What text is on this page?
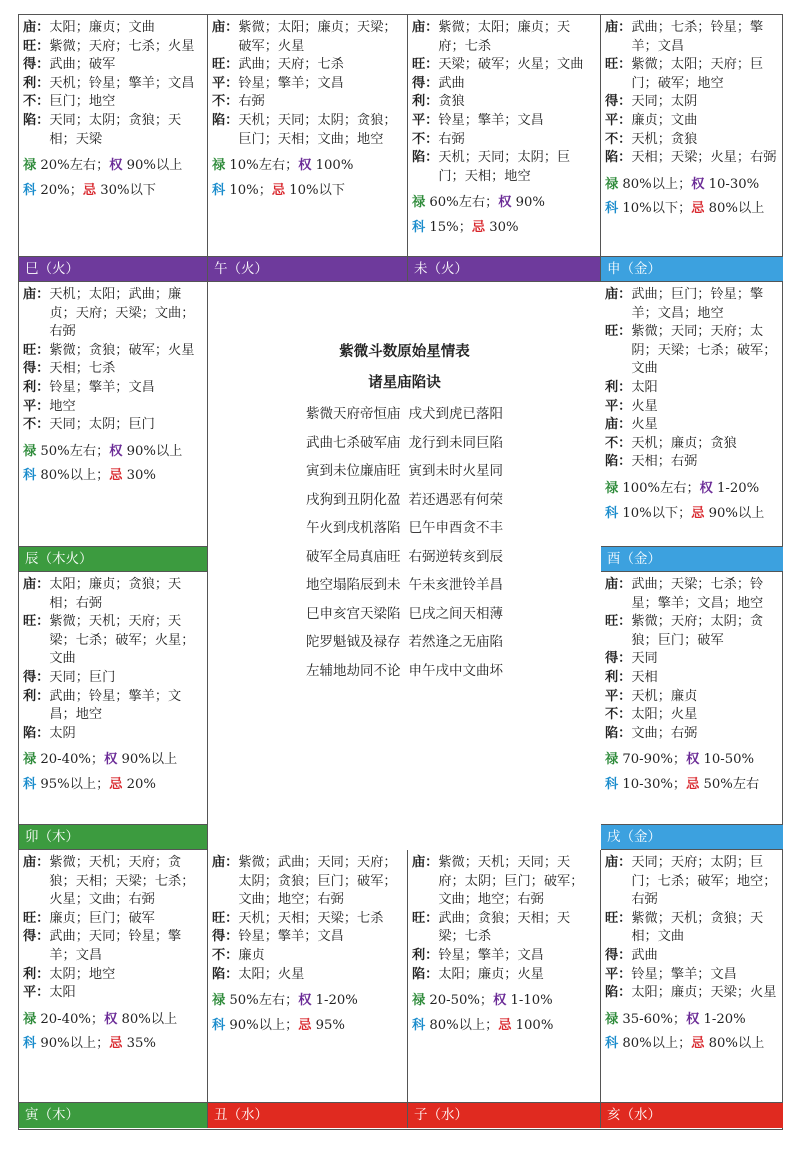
庙： 太阳；廉贞；文曲
旺： 紫微；天府；七杀；火星
得： 武曲；破军
利： 天机；铃星；擎羊；文昌
不： 巨门；地空
陷： 天同；太阴；贪狼；天相；天梁
禄 20%左右；权 90%以上
科 20%；忌 30%以下
庙： 紫微；太阳；廉贞；天梁；破军；火星
旺： 武曲；天府；七杀
平： 铃星；擎羊；文昌
不： 右弼
陷： 天机；天同；太阴；贪狼；巨门；天相；文曲；地空
禄 10%左右；权 100%
科 10%；忌 10%以下
庙： 紫微；太阳；廉贞；天府；七杀
旺： 天梁；破军；火星；文曲
得： 武曲
利： 贪狼
平： 铃星；擎羊；文昌
不： 右弼
陷： 天机；天同；太阴；巨门；天相；地空
禄 60%左右；权 90%
科 15%；忌 30%
庙： 武曲；七杀；铃星；擎羊；文昌
旺： 紫微；太阳；天府；巨门；破军；地空
得： 天同；太阴
平： 廉贞；文曲
不： 天机；贪狼
陷： 天相；天梁；火星；右弼
禄 80%以上；权 10-30%
科 10%以下；忌 80%以上
巳（火）	午（火）	未（火）	申（金）
庙： 天机；太阳；武曲；廉贞；天府；天梁；文曲；右弼
旺： 紫微；贪狼；破军；火星
得： 天相；七杀
利： 铃星；擎羊；文昌
平： 地空
不： 天同；太阴；巨门
禄 50%左右；权 90%以上
科 80%以上；忌 30%
庙： 武曲；巨门；铃星；擎羊；文昌；地空
旺： 紫微；天同；天府；太阴；天梁；七杀；破军；文曲
利： 太阳
平： 火星
庙： 火星
不： 天机；廉贞；贪狼
陷： 天相；右弼
禄 100%左右；权 1-20%
科 10%以下；忌 90%以上
辰（木火）	酉（金）
庙： 太阳；廉贞；贪狼；天相；右弼
旺： 紫微；天机；天府；天梁；七杀；破军；火星；文曲
得： 天同；巨门
利： 武曲；铃星；擎羊；文昌；地空
陷： 太阴
禄 20-40%；权 90%以上
科 95%以上；忌 20%
庙： 武曲；天梁；七杀；铃星；擎羊；文昌；地空
旺： 紫微；天府；太阴；贪狼；巨门；破军
得： 天同
利： 天相
平： 天机；廉贞
不： 太阳；火星
陷： 文曲；右弼
禄 70-90%；权 10-50%
科 10-30%；忌 50%左右
卯（木）	戌（金）
庙： 紫微；天机；天府；贪狼；天相；天梁；七杀；火星；文曲；右弼
旺： 廉贞；巨门；破军
得： 武曲；天同；铃星；擎羊；文昌
利： 太阴；地空
平： 太阳
禄 20-40%；权 80%以上
科 90%以上；忌 35%
庙： 紫微；武曲；天同；天府；太阴；贪狼；巨门；破军；文曲；地空；右弼
旺： 天机；天相；天梁；七杀
得： 铃星；擎羊；文昌
不： 廉贞
陷： 太阳；火星
禄 50%左右；权 1-20%
科 90%以上；忌 95%
庙： 紫微；天机；天同；天府；太阴；巨门；破军；文曲；地空；右弼
旺： 武曲；贪狼；天相；天梁；七杀
利： 铃星；擎羊；文昌
陷： 太阳；廉贞；火星
禄 20-50%；权 1-10%
科 80%以上；忌 100%
庙： 天同；天府；太阴；巨门；七杀；破军；地空；右弼
旺： 紫微；天机；贪狼；天相；文曲
得： 武曲
平： 铃星；擎羊；文昌
陷： 太阳；廉贞；天梁；火星
禄 35-60%；权 1-20%
科 80%以上；忌 80%以上
寅（木）	丑（水）	子（水）	亥（水）
紫微斗数原始星情表
诸星庙陷诀
紫微天府帝恒庙 戌犬到虎已落阳
武曲七杀破军庙 龙行到未同巨陷
寅到未位廉庙旺 寅到未时火星同
戌狗到丑阴化盈 若还遇恶有何荣
午火到戌机落陷 巳午申酉贪不丰
破军全局真庙旺 右弼逆转亥到辰
地空塌陷辰到未 午未亥泄铃羊昌
巳申亥宫天梁陷 巳戌之间天相薄
陀罗魁钺及禄存 若然逢之无庙陷
左辅地劫同不论 申午戌中文曲坏
